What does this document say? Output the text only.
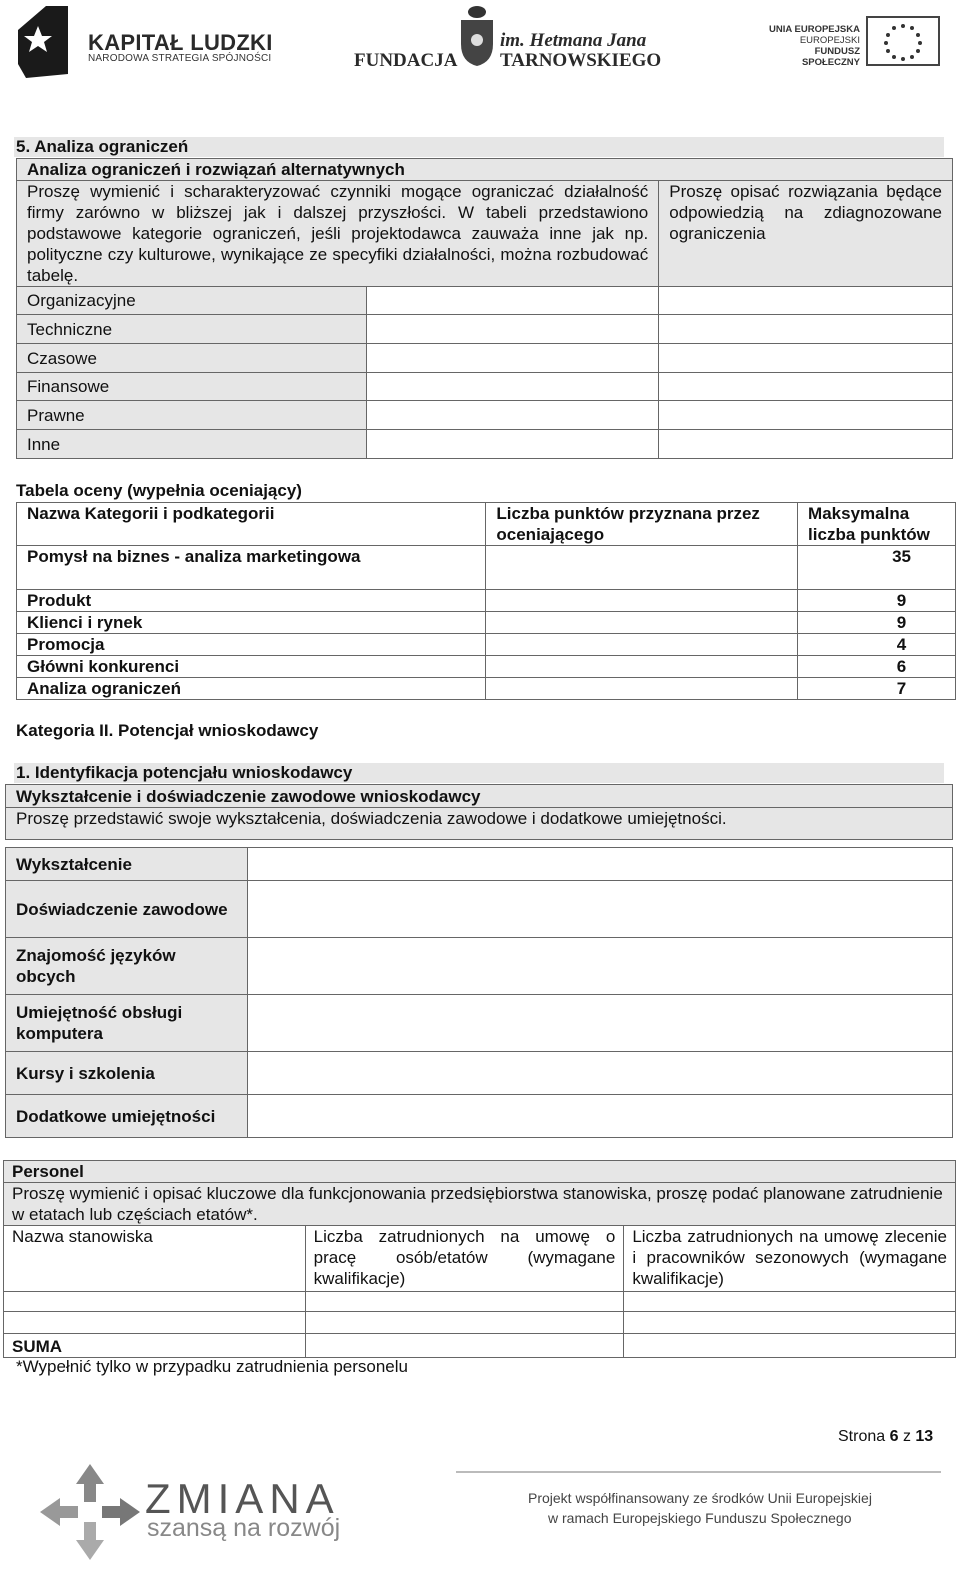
KAPITAŁ LUDZKI
NARODOWA STRATEGIA SPÓJNOŚCI	FUNDACJA
im. Hetmana Jana
TARNOWSKIEGO
UNIA EUROPEJSKA
EUROPEJSKI
FUNDUSZ SPOŁECZNY
5. Analiza ograniczeń
Analiza ograniczeń i rozwiązań alternatywnych		
Proszę wymienić i scharakteryzować czynniki mogące ograniczać działalność firmy zarówno w bliższej jak i dalszej przyszłości. W tabeli przedstawiono podstawowe kategorie ograniczeń, jeśli projektodawca zauważa inne jak np. polityczne czy kulturowe, wynikające ze specyfiki działalności, można rozbudować tabelę.		Proszę opisać rozwiązania będące odpowiedzią na zdiagnozowane ograniczenia
Organizacyjne		
Techniczne		
Czasowe		
Finansowe		
Prawne		
Inne		
Tabela oceny (wypełnia oceniający)
Nazwa Kategorii i podkategorii	Liczba punktów przyznana przez oceniającego	Maksymalna liczba punktów
Pomysł na biznes - analiza marketingowa		35
Produkt		9
Klienci i rynek		9
Promocja		4
Główni konkurenci		6
Analiza ograniczeń		7
Kategoria II. Potencjał wnioskodawcy
1. Identyfikacja potencjału wnioskodawcy
Wykształcenie i doświadczenie zawodowe wnioskodawcy	
Proszę przedstawić swoje wykształcenia, doświadczenia zawodowe i dodatkowe umiejętności.	

Wykształcenie	
Doświadczenie zawodowe	
Znajomość języków obcych	
Umiejętność obsługi komputera	
Kursy i szkolenia	
Dodatkowe umiejętności	
Personel		
Proszę wymienić i opisać kluczowe dla funkcjonowania przedsiębiorstwa stanowiska, proszę podać planowane zatrudnienie w etatach lub częściach etatów*.		
Nazwa stanowiska	Liczba zatrudnionych na umowę o pracę osób/etatów (wymagane kwalifikacje)	Liczba zatrudnionych na umowę zlecenie i pracowników sezonowych (wymagane kwalifikacje)

SUMA		
*Wypełnić tylko w przypadku zatrudnienia personelu
Strona 6 z 13
ZMIANA
szansą na rozwój
Projekt współfinansowany ze środków Unii Europejskiej
w ramach Europejskiego Funduszu Społecznego
